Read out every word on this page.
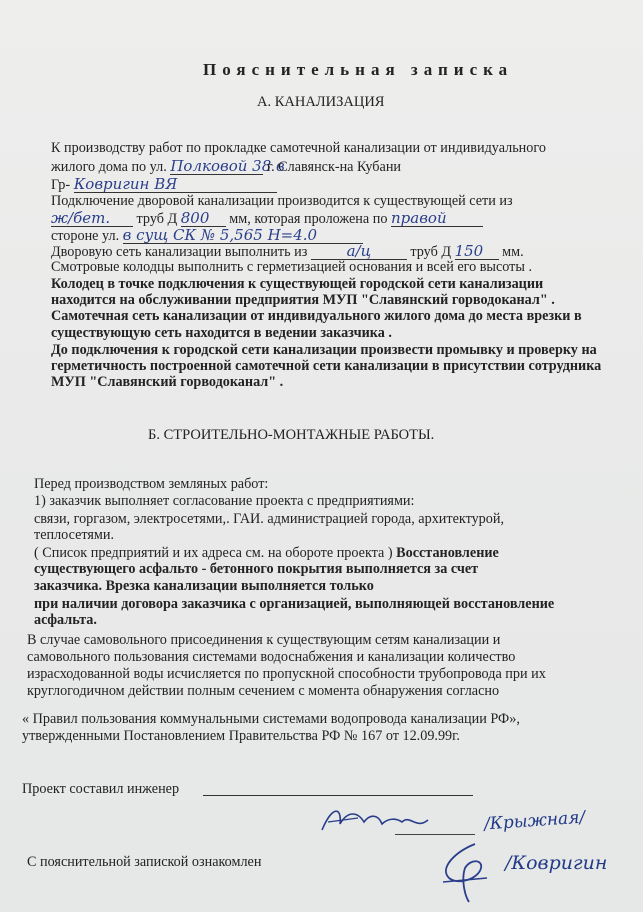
Пояснительная записка
А. КАНАЛИЗАЦИЯ
К производству работ по прокладке самотечной канализации от индивидуального
жилого дома по ул. Полковой 38 в г. Славянск-на Кубани
Гр- Ковригин ВЯ
Подключение дворовой канализации производится к существующей сети из
ж/бет. труб Д 800 мм, которая проложена по правой
стороне ул. в сущ СК № 5,565 Н=4.0
Дворовую сеть канализации выполнить из	а/ц	труб Д 150 мм.
Смотровые колодцы выполнить с герметизацией основания и всей его высоты .
Колодец в точке подключения к существующей городской сети канализации
находится на обслуживании предприятия МУП "Славянский горводоканал" .
Самотечная сеть канализации от индивидуального жилого дома до места врезки в
существующую сеть находится в ведении заказчика .
До подключения к городской сети канализации произвести промывку и проверку на
герметичность построенной самотечной сети канализации в присутствии сотрудника
МУП "Славянский горводоканал" .
Б. СТРОИТЕЛЬНО-МОНТАЖНЫЕ РАБОТЫ.
Перед производством земляных работ:
1) заказчик выполняет согласование проекта с предприятиями:
связи, горгазом, электросетями,. ГАИ. администрацией города, архитектурой,
теплосетями.
( Список предприятий и их адреса см. на обороте проекта ) Восстановление
существующего асфальто - бетонного покрытия выполняется за счет
заказчика. Врезка канализации выполняется только
при наличии договора заказчика с организацией, выполняющей восстановление
асфальта.
В случае самовольного присоединения к существующим сетям канализации и
самовольного пользования системами водоснабжения и канализации количество
израсходованной воды исчисляется по пропускной способности трубопровода при их
круглогодичном действии полным сечением с момента обнаружения согласно
« Правил пользования коммунальными системами водопровода канализации РФ»,
утвержденными Постановлением Правительства РФ № 167 от 12.09.99г.
Проект составил инженер
/Крыжная/
С пояснительной запиской ознакомлен	/Ковригин
